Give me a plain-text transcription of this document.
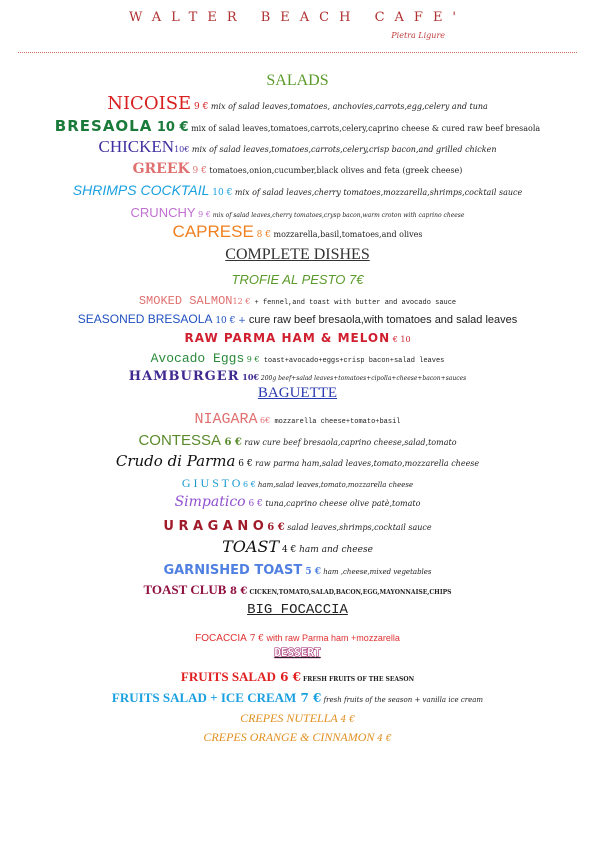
WALTER BEACH CAFE'
Pietra Ligure
SALADS
NICOISE 9 € mix of salad leaves,tomatoes, anchovies,carrots,egg,celery and tuna
BRESAOLA 10 € mix of salad leaves,tomatoes,carrots,celery,caprino cheese & cured raw beef bresaola
CHICKEN10€ mix of salad leaves,tomatoes,carrots,celery,crisp bacon,and grilled chicken
GREEK 9 € tomatoes,onion,cucumber,black olives and feta (greek cheese)
SHRIMPS COCKTAIL 10 € mix of salad leaves,cherry tomatoes,mozzarella,shrimps,cocktail sauce
CRUNCHY 9 € mix of salad leaves,cherry tomatoes,crysp bacon,warm croton with caprino cheese
CAPRESE 8 € mozzarella,basil,tomatoes,and olives
COMPLETE DISHES
TROFIE AL PESTO 7€
SMOKED SALMON12 € + fennel,and toast with butter and avocado sauce
SEASONED BRESAOLA 10 € + cure raw beef bresaola,with tomatoes and salad leaves
RAW PARMA HAM & MELON € 10
Avocado Eggs 9 € toast+avocado+eggs+crisp bacon+salad leaves
HAMBURGER 10€ 200g beef+salad leaves+tomatoes+cipolla+cheese+bacon+sauces
BAGUETTE
NIAGARA 6€ mozzarella cheese+tomato+basil
CONTESSA 6 € raw cure beef bresaola,caprino cheese,salad,tomato
Crudo di Parma 6 € raw parma ham,salad leaves,tomato,mozzarella cheese
G I U S T O 6 € ham,salad leaves,tomato,mozzarella cheese
Simpatico 6 € tuna,caprino cheese olive patè,tomato
U R A G A N O 6 € salad leaves,shrimps,cocktail sauce
TOAST 4 € ham and cheese
GARNISHED TOAST 5 € ham ,cheese,mixed vegetables
TOAST CLUB 8 € CICKEN,TOMATO,SALAD,BACON,EGG,MAYONNAISE,CHIPS
BIG FOCACCIA
FOCACCIA 7 € with raw Parma ham +mozzarella
DESSERT
FRUITS SALAD 6 € FRESH FRUITS OF THE SEASON
FRUITS SALAD + ICE CREAM 7 € fresh fruits of the season + vanilla ice cream
CREPES NUTELLA 4 €
CREPES ORANGE & CINNAMON 4 €
